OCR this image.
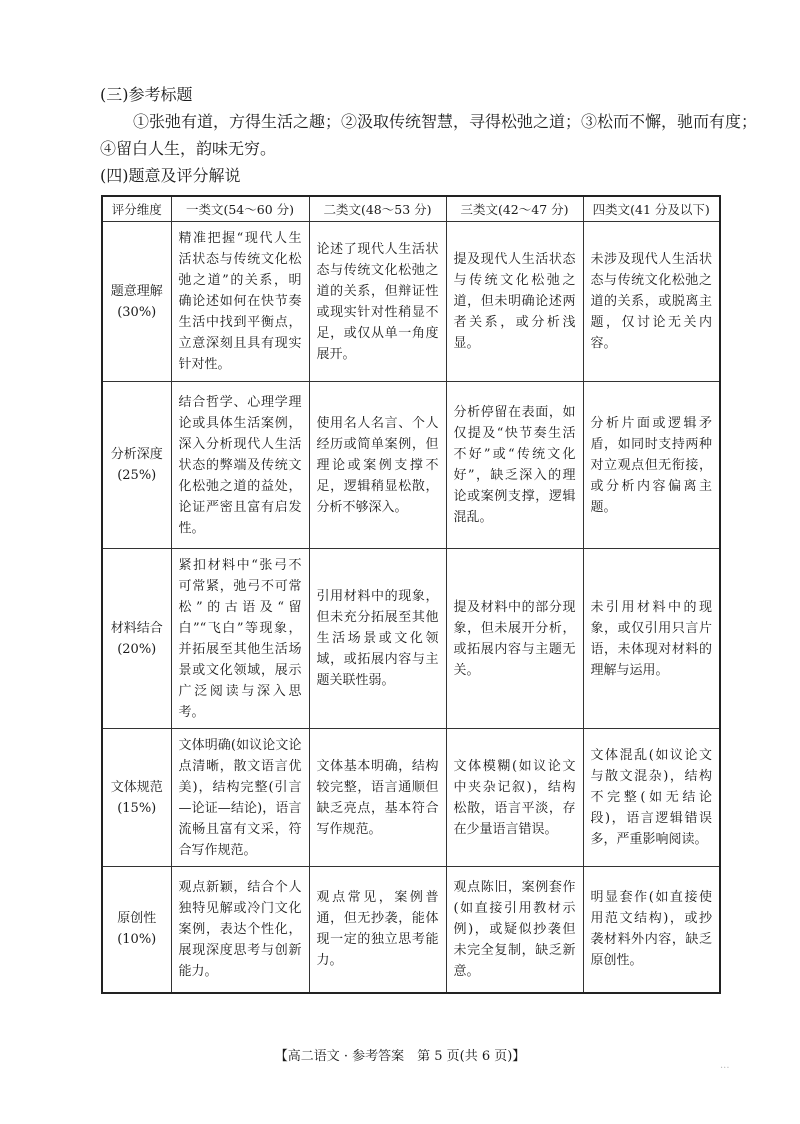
(三)参考标题
①张弛有道，方得生活之趣；②汲取传统智慧，寻得松弛之道；③松而不懈，驰而有度；
④留白人生，韵味无穷。
(四)题意及评分解说
评分维度	一类文(54～60 分)	二类文(48～53 分)	三类文(42～47 分)	四类文(41 分及以下)

题意理解
(30%)	精准把握“现代人生活状态与传统文化松弛之道”的关系，明确论述如何在快节奏生活中找到平衡点，立意深刻且具有现实针对性。	论述了现代人生活状态与传统文化松弛之道的关系，但辩证性或现实针对性稍显不足，或仅从单一角度展开。	提及现代人生活状态与传统文化松弛之道，但未明确论述两者关系，或分析浅显。	未涉及现代人生活状态与传统文化松弛之道的关系，或脱离主题，仅讨论无关内容。

分析深度
(25%)	结合哲学、心理学理论或具体生活案例，深入分析现代人生活状态的弊端及传统文化松弛之道的益处，论证严密且富有启发性。	使用名人名言、个人经历或简单案例，但理论或案例支撑不足，逻辑稍显松散，分析不够深入。	分析停留在表面，如仅提及“快节奏生活不好”或“传统文化好”，缺乏深入的理论或案例支撑，逻辑混乱。	分析片面或逻辑矛盾，如同时支持两种对立观点但无衔接，或分析内容偏离主题。

材料结合
(20%)	紧扣材料中“张弓不可常紧，弛弓不可常松”的古语及“留白”“飞白”等现象，并拓展至其他生活场景或文化领域，展示广泛阅读与深入思考。	引用材料中的现象，但未充分拓展至其他生活场景或文化领域，或拓展内容与主题关联性弱。	提及材料中的部分现象，但未展开分析，或拓展内容与主题无关。	未引用材料中的现象，或仅引用只言片语，未体现对材料的理解与运用。

文体规范
(15%)	文体明确(如议论文论点清晰，散文语言优美)，结构完整(引言—论证—结论)，语言流畅且富有文采，符合写作规范。	文体基本明确，结构较完整，语言通顺但缺乏亮点，基本符合写作规范。	文体模糊(如议论文中夹杂记叙)，结构松散，语言平淡，存在少量语言错误。	文体混乱(如议论文与散文混杂)，结构不完整(如无结论段)，语言逻辑错误多，严重影响阅读。

原创性
(10%)	观点新颖，结合个人独特见解或冷门文化案例，表达个性化，展现深度思考与创新能力。	观点常见，案例普通，但无抄袭，能体现一定的独立思考能力。	观点陈旧，案例套作(如直接引用教材示例)，或疑似抄袭但未完全复制，缺乏新意。	明显套作(如直接使用范文结构)，或抄袭材料外内容，缺乏原创性。
【高二语文 · 参考答案　第 5 页(共 6 页)】
···
